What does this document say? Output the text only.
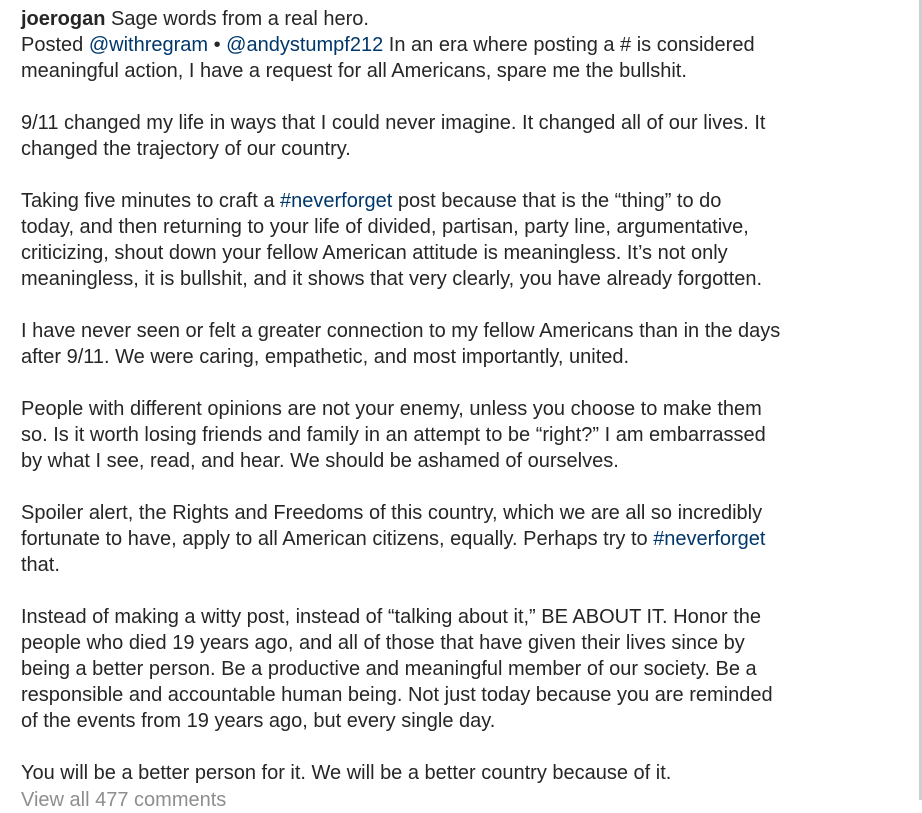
joerogan Sage words from a real hero.
Posted @withregram • @andystumpf212 In an era where posting a # is considered
meaningful action, I have a request for all Americans, spare me the bullshit.
9/11 changed my life in ways that I could never imagine. It changed all of our lives. It
changed the trajectory of our country.
Taking five minutes to craft a #neverforget post because that is the “thing” to do
today, and then returning to your life of divided, partisan, party line, argumentative,
criticizing, shout down your fellow American attitude is meaningless. It’s not only
meaningless, it is bullshit, and it shows that very clearly, you have already forgotten.
I have never seen or felt a greater connection to my fellow Americans than in the days
after 9/11. We were caring, empathetic, and most importantly, united.
People with different opinions are not your enemy, unless you choose to make them
so. Is it worth losing friends and family in an attempt to be “right?” I am embarrassed
by what I see, read, and hear. We should be ashamed of ourselves.
Spoiler alert, the Rights and Freedoms of this country, which we are all so incredibly
fortunate to have, apply to all American citizens, equally. Perhaps try to #neverforget
that.
Instead of making a witty post, instead of “talking about it,” BE ABOUT IT. Honor the
people who died 19 years ago, and all of those that have given their lives since by
being a better person. Be a productive and meaningful member of our society. Be a
responsible and accountable human being. Not just today because you are reminded
of the events from 19 years ago, but every single day.
You will be a better person for it. We will be a better country because of it.
View all 477 comments
